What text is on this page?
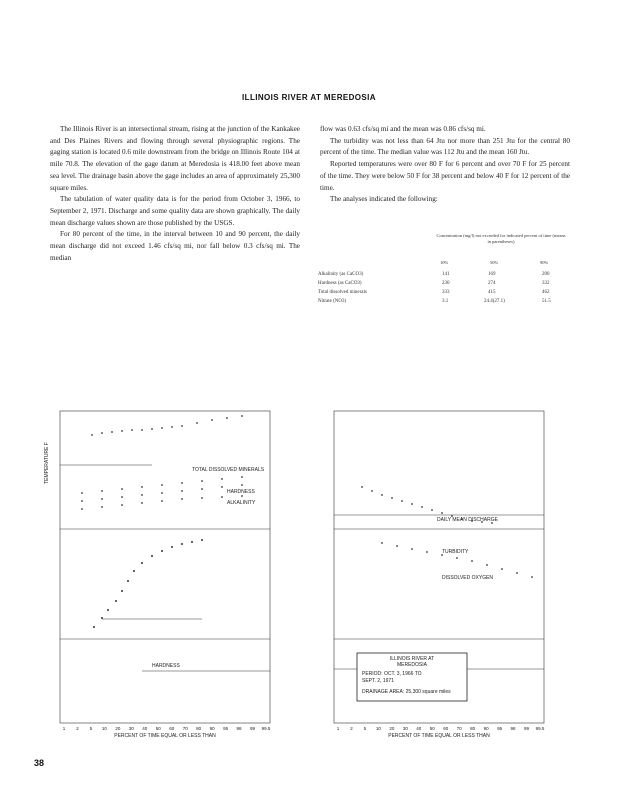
ILLINOIS RIVER AT MEREDOSIA

The Illinois River is an intersectional stream, rising at the junction of the Kankakee and Des Plaines Rivers and flowing through several physiographic regions. The gaging station is located 0.6 mile downstream from the bridge on Illinois Route 104 at mile 70.8. The elevation of the gage datum at Meredosia is 418.00 feet above mean sea level. The drainage basin above the gage includes an area of approximately 25,300 square miles.

The tabulation of water quality data is for the period from October 3, 1966, to September 2, 1971. Discharge and some quality data are shown graphically. The daily mean discharge values shown are those published by the USGS.

For 80 percent of the time, in the interval between 10 and 90 percent, the daily mean discharge did not exceed 1.46 cfs/sq mi, nor fall below 0.3 cfs/sq mi. The median

flow was 0.63 cfs/sq mi and the mean was 0.86 cfs/sq mi.

The turbidity was not less than 64 Jtu nor more than 251 Jtu for the central 80 percent of the time. The median value was 112 Jtu and the mean 160 Jtu.

Reported temperatures were over 80 F for 6 percent and over 70 F for 25 percent of the time. They were below 50 F for 38 percent and below 40 F for 12 percent of the time.

The analyses indicated the following:

Concentration (mg/l) not exceeded for indicated percent of time (means in parentheses)
10%	50%	90%
Alkalinity (as CaCO3)	141	169	200
Hardness (as CaCO3)	230	274	332
Total dissolved minerals	333	415	462
Nitrate (NO3)	3.1	24.4(27.1)	51.5
ILLINOIS RIVER AT
MEREDOSIA
PERIOD: OCT. 3, 1966 TO
SEPT. 2, 1971
DRAINAGE AREA: 25,300 square miles
TOTAL DISSOLVED MINERALS
HARDNESS
ALKALINITY
HARDNESS
DAILY MEAN DISCHARGE
TURBIDITY
DISSOLVED OXYGEN
PERCENT OF TIME EQUAL OR LESS THAN	PERCENT OF TIME EQUAL OR LESS THAN
TEMPERATURE F
1 2 5 10 20 30 40 50 60 70 80 90 95 98 99 99.5	1 2 5 10 20 30 40 50 60 70 80 90 95 98 99 99.5
38
